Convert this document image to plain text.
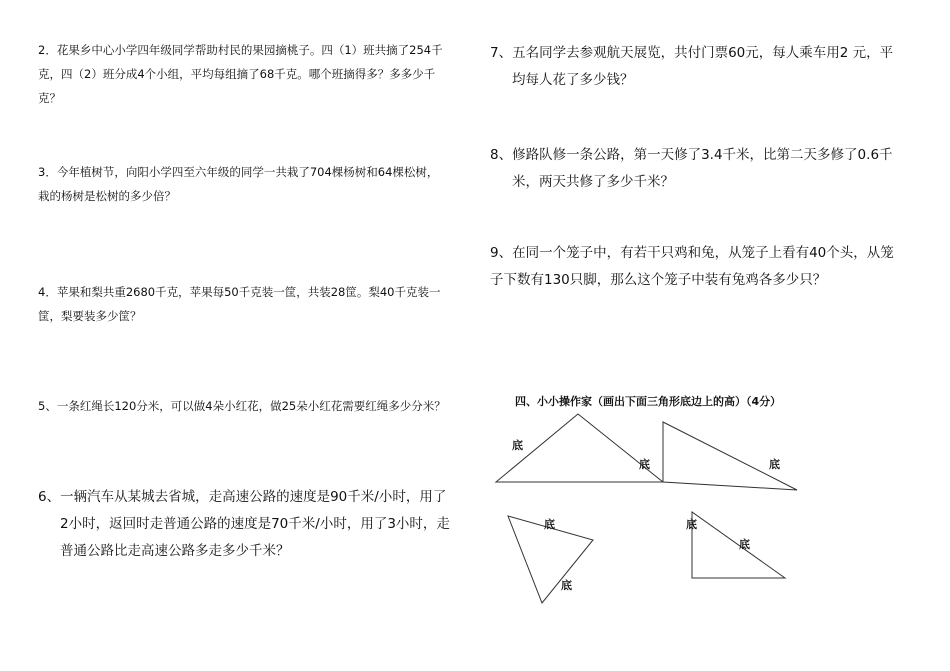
2．花果乡中心小学四年级同学帮助村民的果园摘桃子。四（1）班共摘了254千
克，四（2）班分成4个小组，平均每组摘了68千克。哪个班摘得多？多多少千
克？
3．今年植树节，向阳小学四至六年级的同学一共栽了704棵杨树和64棵松树，
栽的杨树是松树的多少倍？
4．苹果和梨共重2680千克，苹果每50千克装一筐，共装28筐。梨40千克装一
筐，梨要装多少筐？
5、一条红绳长120分米，可以做4朵小红花，做25朵小红花需要红绳多少分米？
6、一辆汽车从某城去省城，走高速公路的速度是90千米/小时，用了
2小时，返回时走普通公路的速度是70千米/小时，用了3小时，走
普通公路比走高速公路多走多少千米？
7、五名同学去参观航天展览，共付门票60元，每人乘车用2 元，平
均每人花了多少钱？
8、修路队修一条公路，第一天修了3.4千米，比第二天多修了0.6千
米，两天共修了多少千米？
9、在同一个笼子中，有若干只鸡和兔，从笼子上看有40个头，从笼
子下数有130只脚，那么这个笼子中装有兔鸡各多少只？
四、小小操作家（画出下面三角形底边上的高）（4分）
底
底	底
底
底
底
底
